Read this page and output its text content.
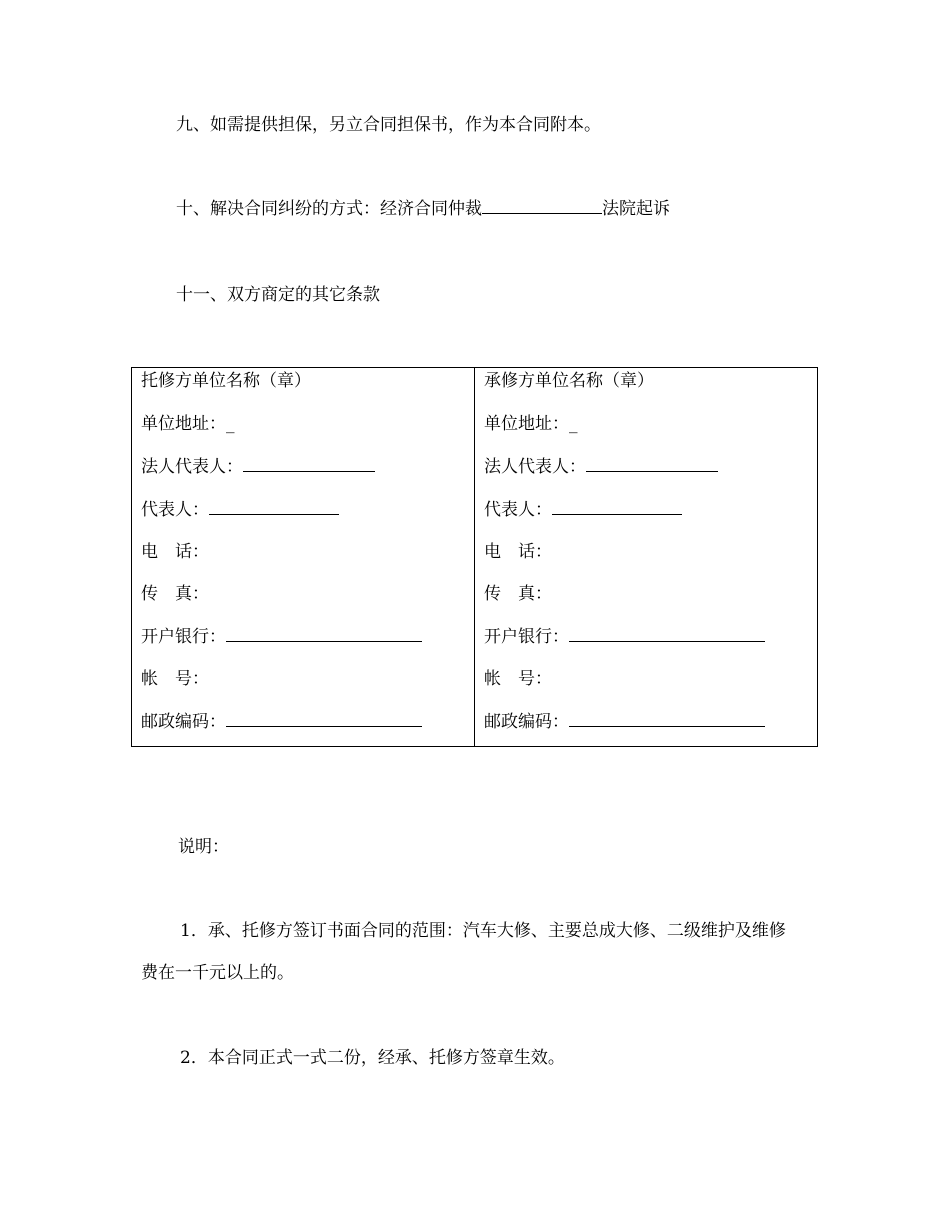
九、如需提供担保，另立合同担保书，作为本合同附本。
十、解决合同纠纷的方式：经济合同仲裁	法院起诉
十一、双方商定的其它条款
托修方单位名称（章）
单位地址：_
法人代表人：
代表人：
电　话：
传　真：
开户银行：
帐　号：
邮政编码：
承修方单位名称（章）
单位地址：_
法人代表人：
代表人：
电　话：
传　真：
开户银行：
帐　号：
邮政编码：
说明：
1．承、托修方签订书面合同的范围：汽车大修、主要总成大修、二级维护及维修
费在一千元以上的。
2．本合同正式一式二份，经承、托修方签章生效。
